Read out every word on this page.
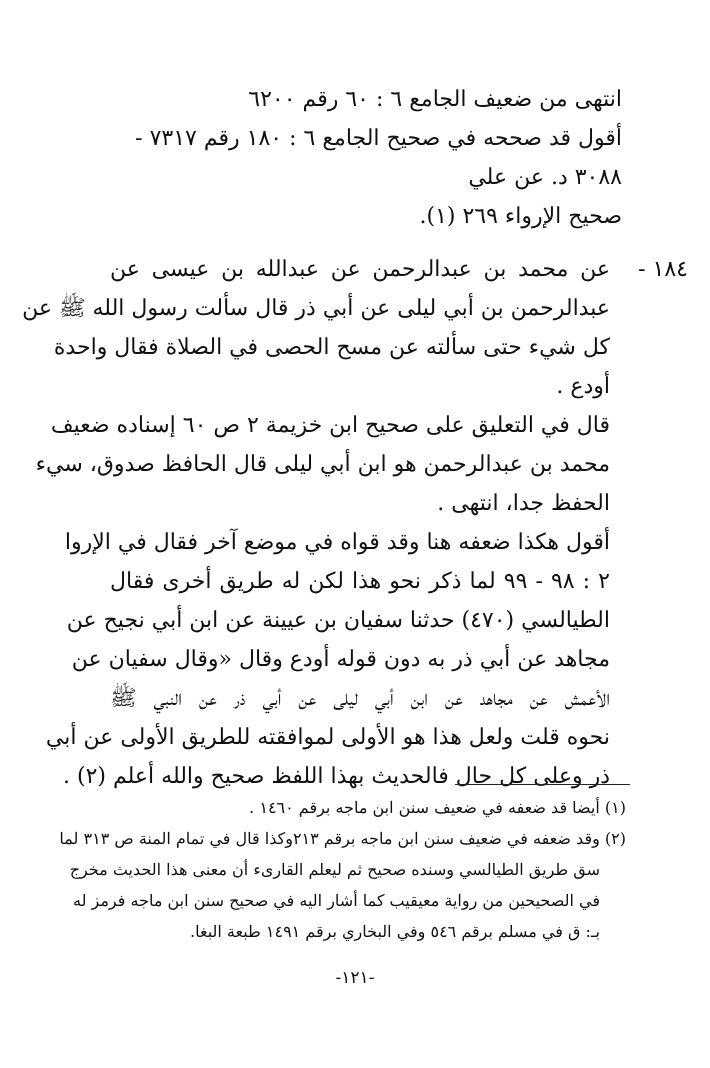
انتهى من ضعيف الجامع ٦ : ٦٠ رقم ٦٢٠٠
أقول قد صححه في صحيح الجامع ٦ : ١٨٠ رقم ٧٣١٧ -
٣٠٨٨ د. عن علي
صحيح الإرواء ٢٦٩ (١).
١٨٤ -
عن محمد بن عبدالرحمن عن عبدالله بن عيسى عن
عبدالرحمن بن أبي ليلى عن أبي ذر قال سألت رسول الله ﷺ عن
كل شيء حتى سألته عن مسح الحصى في الصلاة فقال واحدة
أودع .
قال في التعليق على صحيح ابن خزيمة ٢ ص ٦٠ إسناده ضعيف
محمد بن عبدالرحمن هو ابن أبي ليلى قال الحافظ صدوق، سيء
الحفظ جدا، انتهى .
أقول هكذا ضعفه هنا وقد قواه في موضع آخر فقال في الإروا
٢ : ٩٨ - ٩٩ لما ذكر نحو هذا لكن له طريق أخرى فقال
الطيالسي (٤٧٠) حدثنا سفيان بن عيينة عن ابن أبي نجيح عن
مجاهد عن أبي ذر به دون قوله أودع وقال «وقال سفيان عن
الأعمش عن مجاهد عن ابن أبي ليلى عن أبي ذر عن النبي ﷺ
نحوه قلت ولعل هذا هو الأولى لموافقته للطريق الأولى عن أبي
ذر وعلى كل حال فالحديث بهذا اللفظ صحيح والله أعلم (٢) .
(١) أيضا قد ضعفه في ضعيف سنن ابن ماجه برقم ١٤٦٠ .
(٢) وقد ضعفه في ضعيف سنن ابن ماجه برقم ٢١٣وكذا قال في تمام المنة ص ٣١٣ لما
سق طريق الطيالسي وسنده صحيح ثم ليعلم القارىء أن معنى هذا الحديث مخرج
في الصحيحين من رواية معيقيب كما أشار اليه في صحيح سنن ابن ماجه فرمز له
بـ: ق في مسلم برقم ٥٤٦ وفي البخاري برقم ١٤٩١ طبعة البغا.
-١٢١-
